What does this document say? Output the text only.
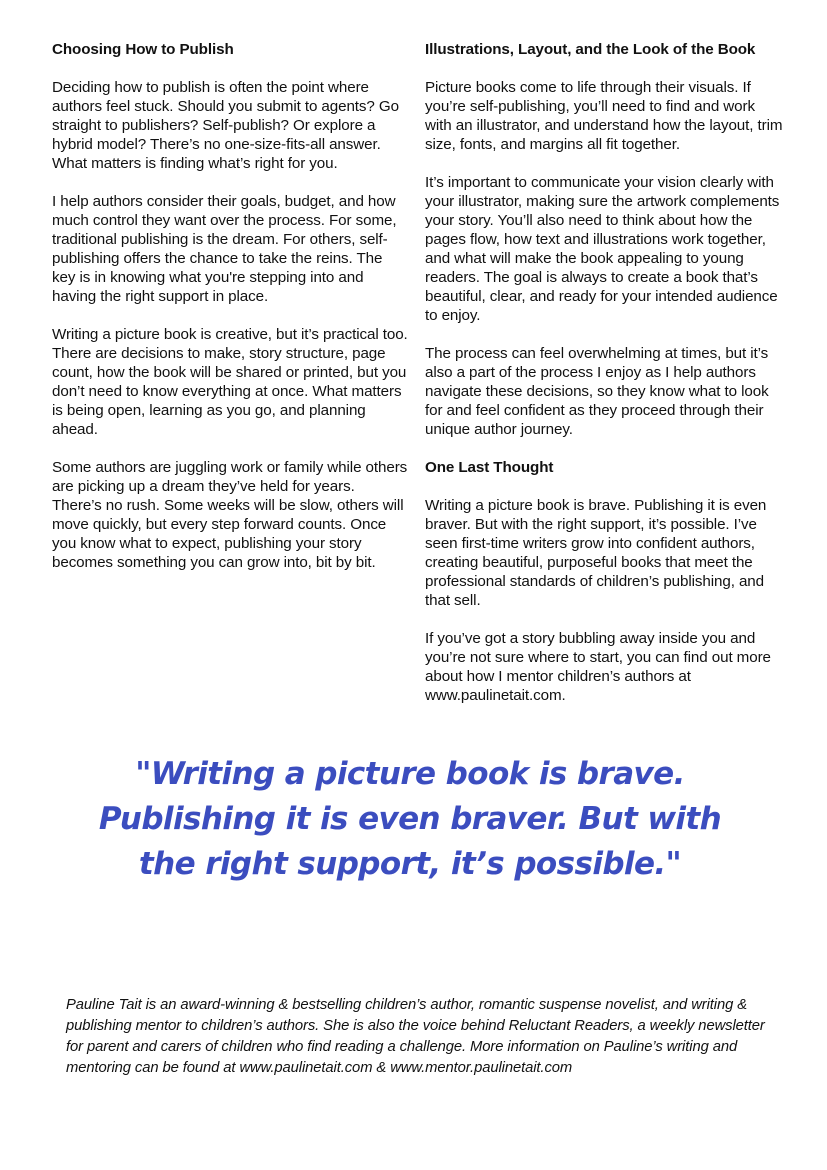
Choosing How to Publish

Deciding how to publish is often the point where authors feel stuck. Should you submit to agents? Go straight to publishers? Self-publish? Or explore a hybrid model? There’s no one-size-fits-all answer. What matters is finding what’s right for you.

I help authors consider their goals, budget, and how much control they want over the process. For some, traditional publishing is the dream. For others, self-publishing offers the chance to take the reins. The key is in knowing what you're stepping into and having the right support in place.

Writing a picture book is creative, but it’s practical too. There are decisions to make, story structure, page count, how the book will be shared or printed, but you don’t need to know everything at once. What matters is being open, learning as you go, and planning ahead.

Some authors are juggling work or family while others are picking up a dream they’ve held for years. There’s no rush. Some weeks will be slow, others will move quickly, but every step forward counts. Once you know what to expect, publishing your story becomes something you can grow into, bit by bit.

Illustrations, Layout, and the Look of the Book

Picture books come to life through their visuals. If you’re self-publishing, you’ll need to find and work with an illustrator, and understand how the layout, trim size, fonts, and margins all fit together.

It’s important to communicate your vision clearly with your illustrator, making sure the artwork complements your story. You’ll also need to think about how the pages flow, how text and illustrations work together, and what will make the book appealing to young readers. The goal is always to create a book that’s beautiful, clear, and ready for your intended audience to enjoy.

The process can feel overwhelming at times, but it’s also a part of the process I enjoy as I help authors navigate these decisions, so they know what to look for and feel confident as they proceed through their unique author journey.

One Last Thought

Writing a picture book is brave. Publishing it is even braver. But with the right support, it’s possible. I’ve seen first-time writers grow into confident authors, creating beautiful, purposeful books that meet the professional standards of children’s publishing, and that sell.

If you’ve got a story bubbling away inside you and you’re not sure where to start, you can find out more about how I mentor children’s authors at www.paulinetait.com.

"Writing a picture book is brave. Publishing it is even braver. But with the right support, it’s possible."
Pauline Tait is an award-winning & bestselling children’s author, romantic suspense novelist, and writing & publishing mentor to children’s authors. She is also the voice behind Reluctant Readers, a weekly newsletter for parent and carers of children who find reading a challenge. More information on Pauline’s writing and mentoring can be found at www.paulinetait.com & www.mentor.paulinetait.com
